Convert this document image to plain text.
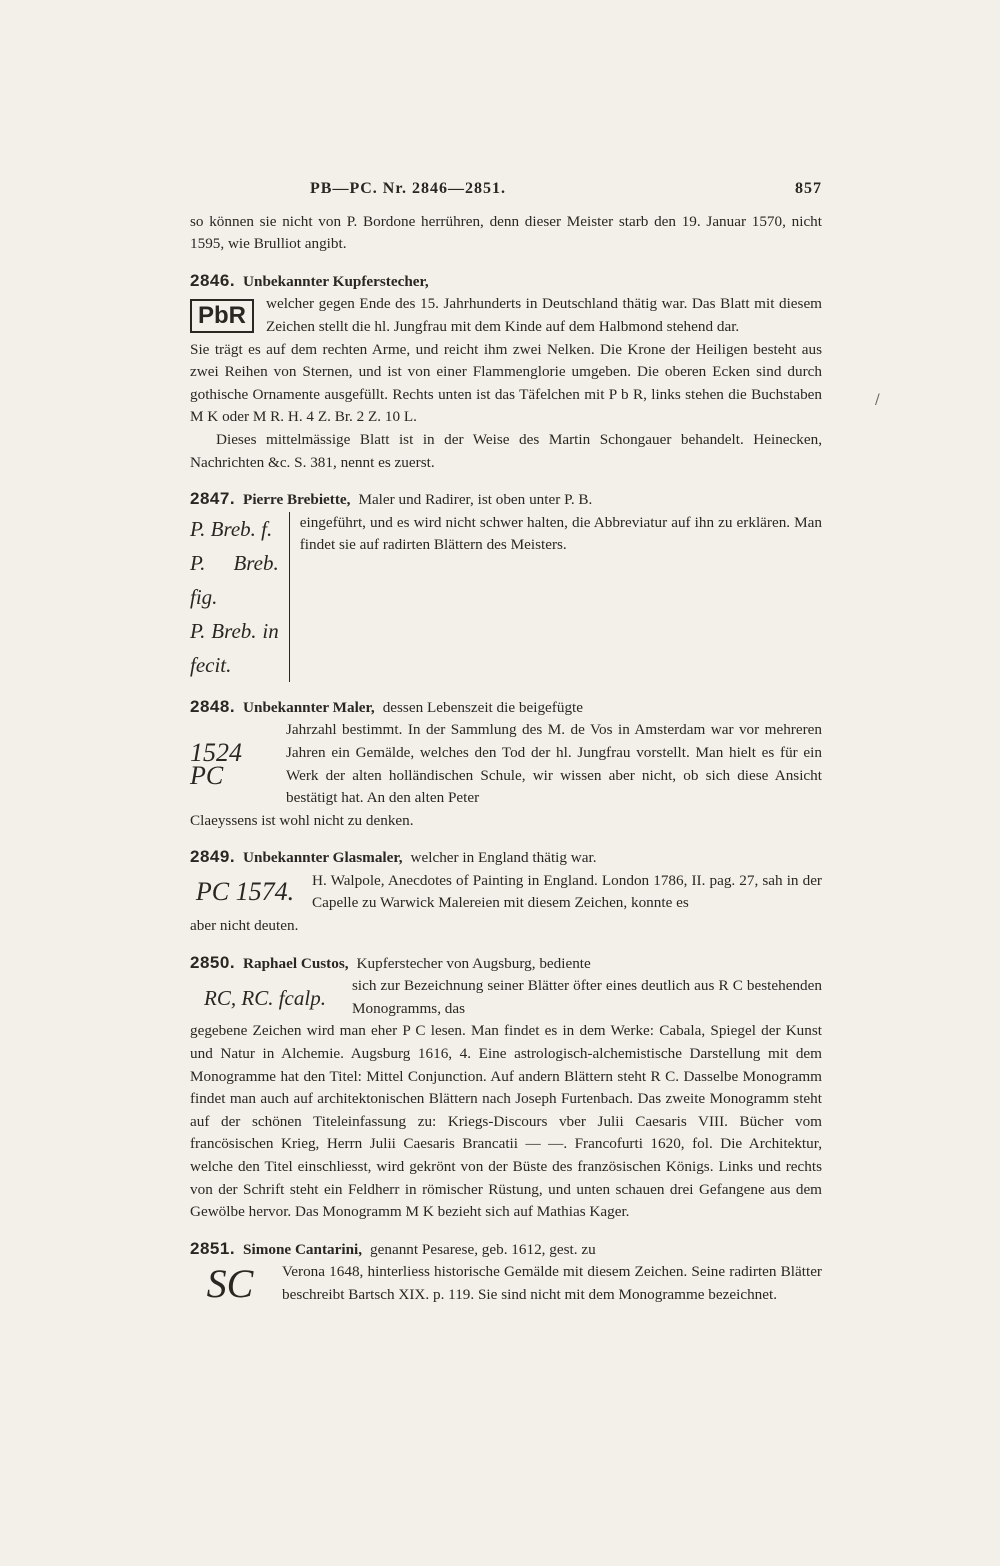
/
PB—PC. Nr. 2846—2851.	857

so können sie nicht von P. Bordone herrühren, denn dieser Meister starb den 19. Januar 1570, nicht 1595, wie Brulliot angibt.

2846. Unbekannter Kupferstecher,
PbR	welcher gegen Ende des 15. Jahrhunderts in Deutschland thätig war. Das Blatt mit diesem Zeichen stellt die hl. Jungfrau mit dem Kinde auf dem Halbmond stehend dar.

Sie trägt es auf dem rechten Arme, und reicht ihm zwei Nelken. Die Krone der Heiligen besteht aus zwei Reihen von Sternen, und ist von einer Flammenglorie umgeben. Die oberen Ecken sind durch gothische Ornamente ausgefüllt. Rechts unten ist das Täfelchen mit P b R, links stehen die Buchstaben M K oder M R. H. 4 Z. Br. 2 Z. 10 L.

Dieses mittelmässige Blatt ist in der Weise des Martin Schongauer behandelt. Heinecken, Nachrichten &c. S. 381, nennt es zuerst.

2847. Pierre Brebiette, Maler und Radirer, ist oben unter P. B.
P. Breb. f.
P. Breb. fig.
P. Breb. in fecit.

eingeführt, und es wird nicht schwer halten, die Abbreviatur auf ihn zu erklären. Man findet sie auf radirten Blättern des Meisters.

2848. Unbekannter Maler, dessen Lebenszeit die beigefügte
1524 PC

Jahrzahl bestimmt. In der Sammlung des M. de Vos in Amsterdam war vor mehreren Jahren ein Gemälde, welches den Tod der hl. Jungfrau vorstellt. Man hielt es für ein Werk der alten holländischen Schule, wir wissen aber nicht, ob sich diese Ansicht bestätigt hat. An den alten Peter

Claeyssens ist wohl nicht zu denken.

2849. Unbekannter Glasmaler, welcher in England thätig war.
PC 1574. H. Walpole, Anecdotes of Painting in England. London 1786, II. pag. 27, sah in der Capelle zu Warwick Malereien mit diesem Zeichen, konnte es

aber nicht deuten.

2850. Raphael Custos, Kupferstecher von Augsburg, bediente
RC, RC. fcalp. sich zur Bezeichnung seiner Blätter öfter eines deutlich aus R C bestehenden Monogramms, das

gegebene Zeichen wird man eher P C lesen. Man findet es in dem Werke: Cabala, Spiegel der Kunst und Natur in Alchemie. Augsburg 1616, 4. Eine astrologisch-alchemistische Darstellung mit dem Monogramme hat den Titel: Mittel Conjunction. Auf andern Blättern steht R C. Dasselbe Monogramm findet man auch auf architektonischen Blättern nach Joseph Furtenbach. Das zweite Monogramm steht auf der schönen Titeleinfassung zu: Kriegs-Discours vber Julii Caesaris VIII. Bücher vom francösischen Krieg, Herrn Julii Caesaris Brancatii — —. Francofurti 1620, fol. Die Architektur, welche den Titel einschliesst, wird gekrönt von der Büste des französischen Königs. Links und rechts von der Schrift steht ein Feldherr in römischer Rüstung, und unten schauen drei Gefangene aus dem Gewölbe hervor. Das Monogramm M K bezieht sich auf Mathias Kager.

2851. Simone Cantarini, genannt Pesarese, geb. 1612, gest. zu
SC Verona 1648, hinterliess historische Gemälde mit diesem Zeichen. Seine radirten Blätter beschreibt Bartsch XIX. p. 119. Sie sind nicht mit dem Monogramme bezeichnet.
